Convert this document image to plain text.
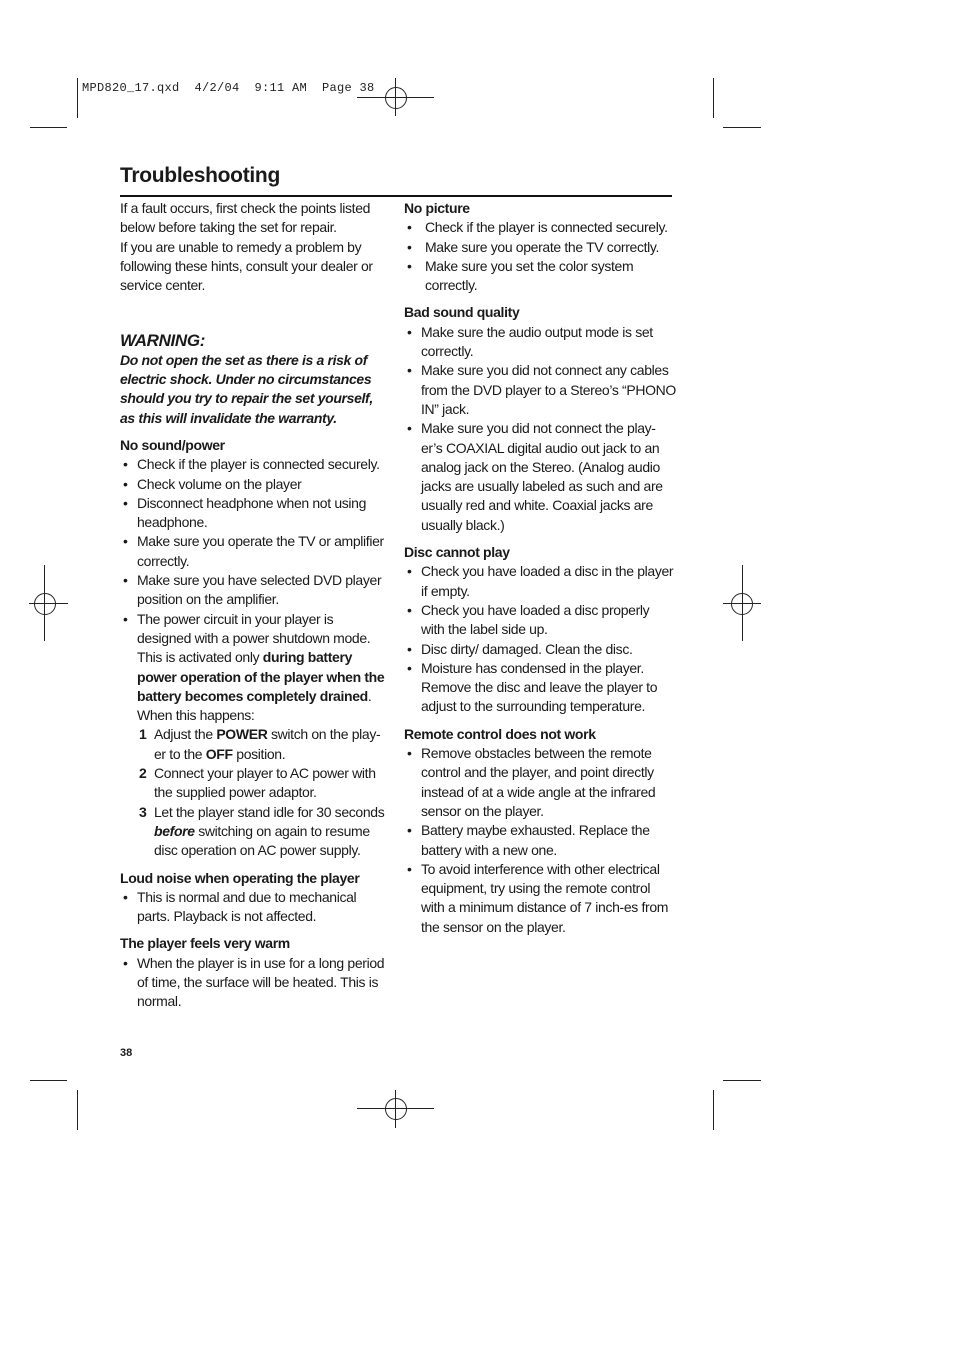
MPD820_17.qxd  4/2/04  9:11 AM  Page 38
Troubleshooting

If a fault occurs, first check the points listed below before taking the set for repair.

If you are unable to remedy a problem by following these hints, consult your dealer or service center.

WARNING:

Do not open the set as there is a risk of electric shock. Under no circumstances should you try to repair the set yourself, as this will invalidate the warranty.

No sound/power
• Check if the player is connected securely.
• Check volume on the player
• Disconnect headphone when not using headphone.
• Make sure you operate the TV or amplifier correctly.
• Make sure you have selected DVD player position on the amplifier.
• The power circuit in your player is designed with a power shutdown mode. This is activated only during battery power operation of the player when the battery becomes completely drained. When this happens:
1 Adjust the POWER switch on the play-er to the OFF position.
2 Connect your player to AC power with the supplied power adaptor.
3 Let the player stand idle for 30 seconds before switching on again to resume disc operation on AC power supply.
Loud noise when operating the player
• This is normal and due to mechanical parts. Playback is not affected.
The player feels very warm
• When the player is in use for a long period of time, the surface will be heated. This is normal.
No picture
• Check if the player is connected securely.
• Make sure you operate the TV correctly.
• Make sure you set the color system correctly.
Bad sound quality
• Make sure the audio output mode is set correctly.
• Make sure you did not connect any cables from the DVD player to a Stereo’s “PHONO IN” jack.
• Make sure you did not connect the play-er’s COAXIAL digital audio out jack to an analog jack on the Stereo. (Analog audio jacks are usually labeled as such and are usually red and white. Coaxial jacks are usually black.)
Disc cannot play
• Check you have loaded a disc in the player if empty.
• Check you have loaded a disc properly with the label side up.
• Disc dirty/ damaged. Clean the disc.
• Moisture has condensed in the player. Remove the disc and leave the player to adjust to the surrounding temperature.
Remote control does not work
• Remove obstacles between the remote control and the player, and point directly instead of at a wide angle at the infrared sensor on the player.
• Battery maybe exhausted. Replace the battery with a new one.
• To avoid interference with other electrical equipment, try using the remote control with a minimum distance of 7 inch-es from the sensor on the player.
38
